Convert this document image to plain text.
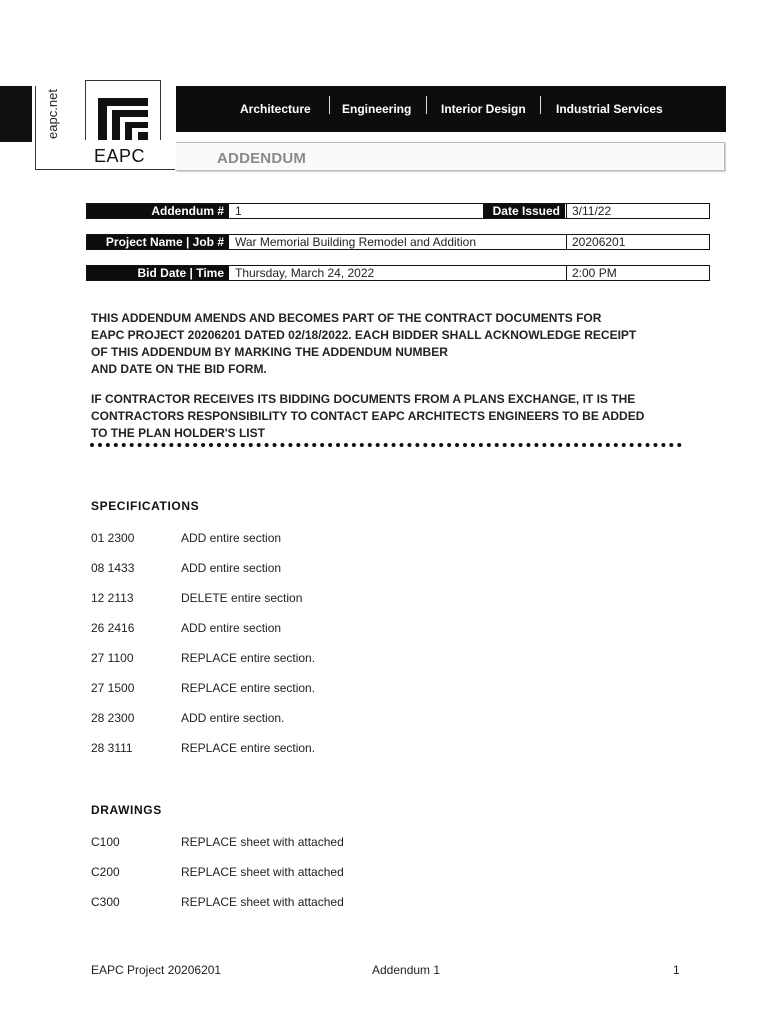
eapc.net
EAPC
Architecture	Engineering Interior Design	Industrial Services
ADDENDUM
Addendum # 1	Date Issued	3/11/22
Project Name | Job # War Memorial Building Remodel and Addition	20206201
Bid Date | Time Thursday, March 24, 2022	2:00 PM
THIS ADDENDUM AMENDS AND BECOMES PART OF THE CONTRACT DOCUMENTS FOR
EAPC PROJECT 20206201 DATED 02/18/2022. EACH BIDDER SHALL ACKNOWLEDGE RECEIPT
OF THIS ADDENDUM BY MARKING THE ADDENDUM NUMBER
AND DATE ON THE BID FORM.
IF CONTRACTOR RECEIVES ITS BIDDING DOCUMENTS FROM A PLANS EXCHANGE, IT IS THE
CONTRACTORS RESPONSIBILITY TO CONTACT EAPC ARCHITECTS ENGINEERS TO BE ADDED
TO THE PLAN HOLDER'S LIST
SPECIFICATIONS
01 2300	ADD entire section
08 1433	ADD entire section
12 2113	DELETE entire section
26 2416	ADD entire section
27 1100	REPLACE entire section.
27 1500	REPLACE entire section.
28 2300	ADD entire section.
28 3111	REPLACE entire section.
DRAWINGS
C100	REPLACE sheet with attached
C200	REPLACE sheet with attached
C300	REPLACE sheet with attached
EAPC Project 20206201	Addendum 1	1
